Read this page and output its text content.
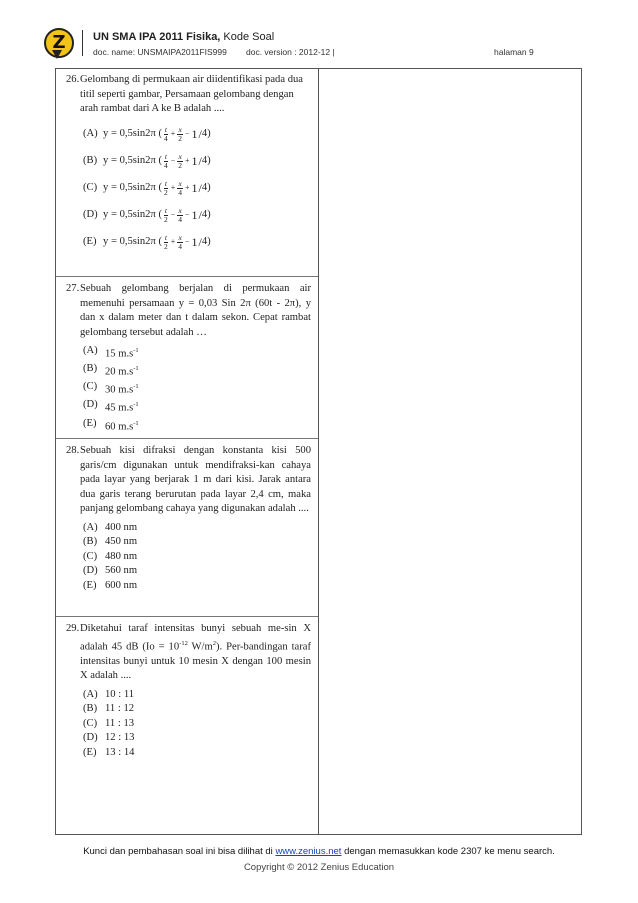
Z	UN SMA IPA 2011 Fisika, Kode Soal
doc. name: UNSMAIPA2011FIS999 doc. version : 2012-12 |	halaman 9
26. Gelombang di permukaan air diidentifikasi pada dua titil seperti gambar, Persamaan gelombang dengan arah rambat dari A ke B adalah ....
(A) y = 0,5sin2π ( $\frac{t}{4} + \frac{x}{2} - 1 / 4$ )
(B) y = 0,5sin2π ( $\frac{t}{4} - \frac{x}{2} + 1 / 4$ )
(C) y = 0,5sin2π ( $\frac{t}{2} + \frac{x}{4} + 1 / 4$ )
(D) y = 0,5sin2π ( $\frac{t}{2} - \frac{x}{4} - 1 / 4$ )
(E) y = 0,5sin2π ( $\frac{t}{2} + \frac{x}{4} - 1 / 4$ )
27. Sebuah gelombang berjalan di permukaan air memenuhi persamaan y = 0,03 Sin 2π (60t - 2π), y dan x dalam meter dan t dalam sekon. Cepat rambat gelombang tersebut adalah …
(A) 15 $m.s^{-1}$
(B) 20 $m.s^{-1}$
(C) 30 $m.s^{-1}$
(D) 45 $m.s^{-1}$
(E) 60 $m.s^{-1}$
28. Sebuah kisi difraksi dengan konstanta kisi 500 garis/cm digunakan untuk mendifraksi-kan cahaya pada layar yang berjarak 1 m dari kisi. Jarak antara dua garis terang berurutan pada layar 2,4 cm, maka panjang gelombang cahaya yang digunakan adalah ....
(A) 400 nm
(B) 450 nm
(C) 480 nm
(D) 560 nm
(E) 600 nm
29. Diketahui taraf intensitas bunyi sebuah me-sin X adalah 45 dB ($Io = 10^{-12}$ $W/m^2$). Per-bandingan taraf intensitas bunyi untuk 10 mesin X dengan 100 mesin X adalah ....
(A) 10 : 11
(B) 11 : 12
(C) 11 : 13
(D) 12 : 13
(E) 13 : 14
Kunci dan pembahasan soal ini bisa dilihat di www.zenius.net dengan memasukkan kode 2307 ke menu search.
Copyright © 2012 Zenius Education
